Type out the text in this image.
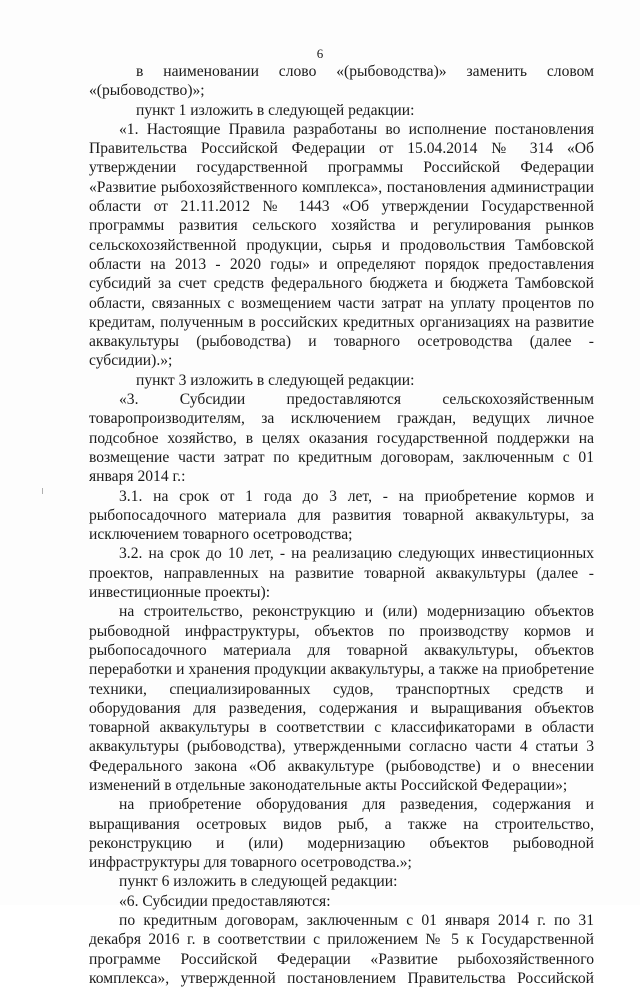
6

в наименовании слово «(рыбоводства)» заменить словом «(рыбоводство)»;

пункт 1 изложить в следующей редакции:

«1. Настоящие Правила разработаны во исполнение постановления Правительства Российской Федерации от 15.04.2014 № 314 «Об утверждении государственной программы Российской Федерации «Развитие рыбохозяйственного комплекса», постановления администрации области от 21.11.2012 № 1443 «Об утверждении Государственной программы развития сельского хозяйства и регулирования рынков сельскохозяйственной продукции, сырья и продовольствия Тамбовской области на 2013 - 2020 годы» и определяют порядок предоставления субсидий за счет средств федерального бюджета и бюджета Тамбовской области, связанных с возмещением части затрат на уплату процентов по кредитам, полученным в российских кредитных организациях на развитие аквакультуры (рыбоводства) и товарного осетроводства (далее - субсидии).»;

пункт 3 изложить в следующей редакции:

«3. Субсидии предоставляются сельскохозяйственным товаропроизводителям, за исключением граждан, ведущих личное подсобное хозяйство, в целях оказания государственной поддержки на возмещение части затрат по кредитным договорам, заключенным с 01 января 2014 г.:

3.1. на срок от 1 года до 3 лет, - на приобретение кормов и рыбопосадочного материала для развития товарной аквакультуры, за исключением товарного осетроводства;

3.2. на срок до 10 лет, - на реализацию следующих инвестиционных проектов, направленных на развитие товарной аквакультуры (далее - инвестиционные проекты):

на строительство, реконструкцию и (или) модернизацию объектов рыбоводной инфраструктуры, объектов по производству кормов и рыбопосадочного материала для товарной аквакультуры, объектов переработки и хранения продукции аквакультуры, а также на приобретение техники, специализированных судов, транспортных средств и оборудования для разведения, содержания и выращивания объектов товарной аквакультуры в соответствии с классификаторами в области аквакультуры (рыбоводства), утвержденными согласно части 4 статьи 3 Федерального закона «Об аквакультуре (рыбоводстве) и о внесении изменений в отдельные законодательные акты Российской Федерации»;

на приобретение оборудования для разведения, содержания и выращивания осетровых видов рыб, а также на строительство, реконструкцию и (или) модернизацию объектов рыбоводной инфраструктуры для товарного осетроводства.»;

пункт 6 изложить в следующей редакции:

«6. Субсидии предоставляются:

по кредитным договорам, заключенным с 01 января 2014 г. по 31 декабря 2016 г. в соответствии с приложением № 5 к Государственной программе Российской Федерации «Развитие рыбохозяйственного комплекса», утвержденной постановлением Правительства Российской
